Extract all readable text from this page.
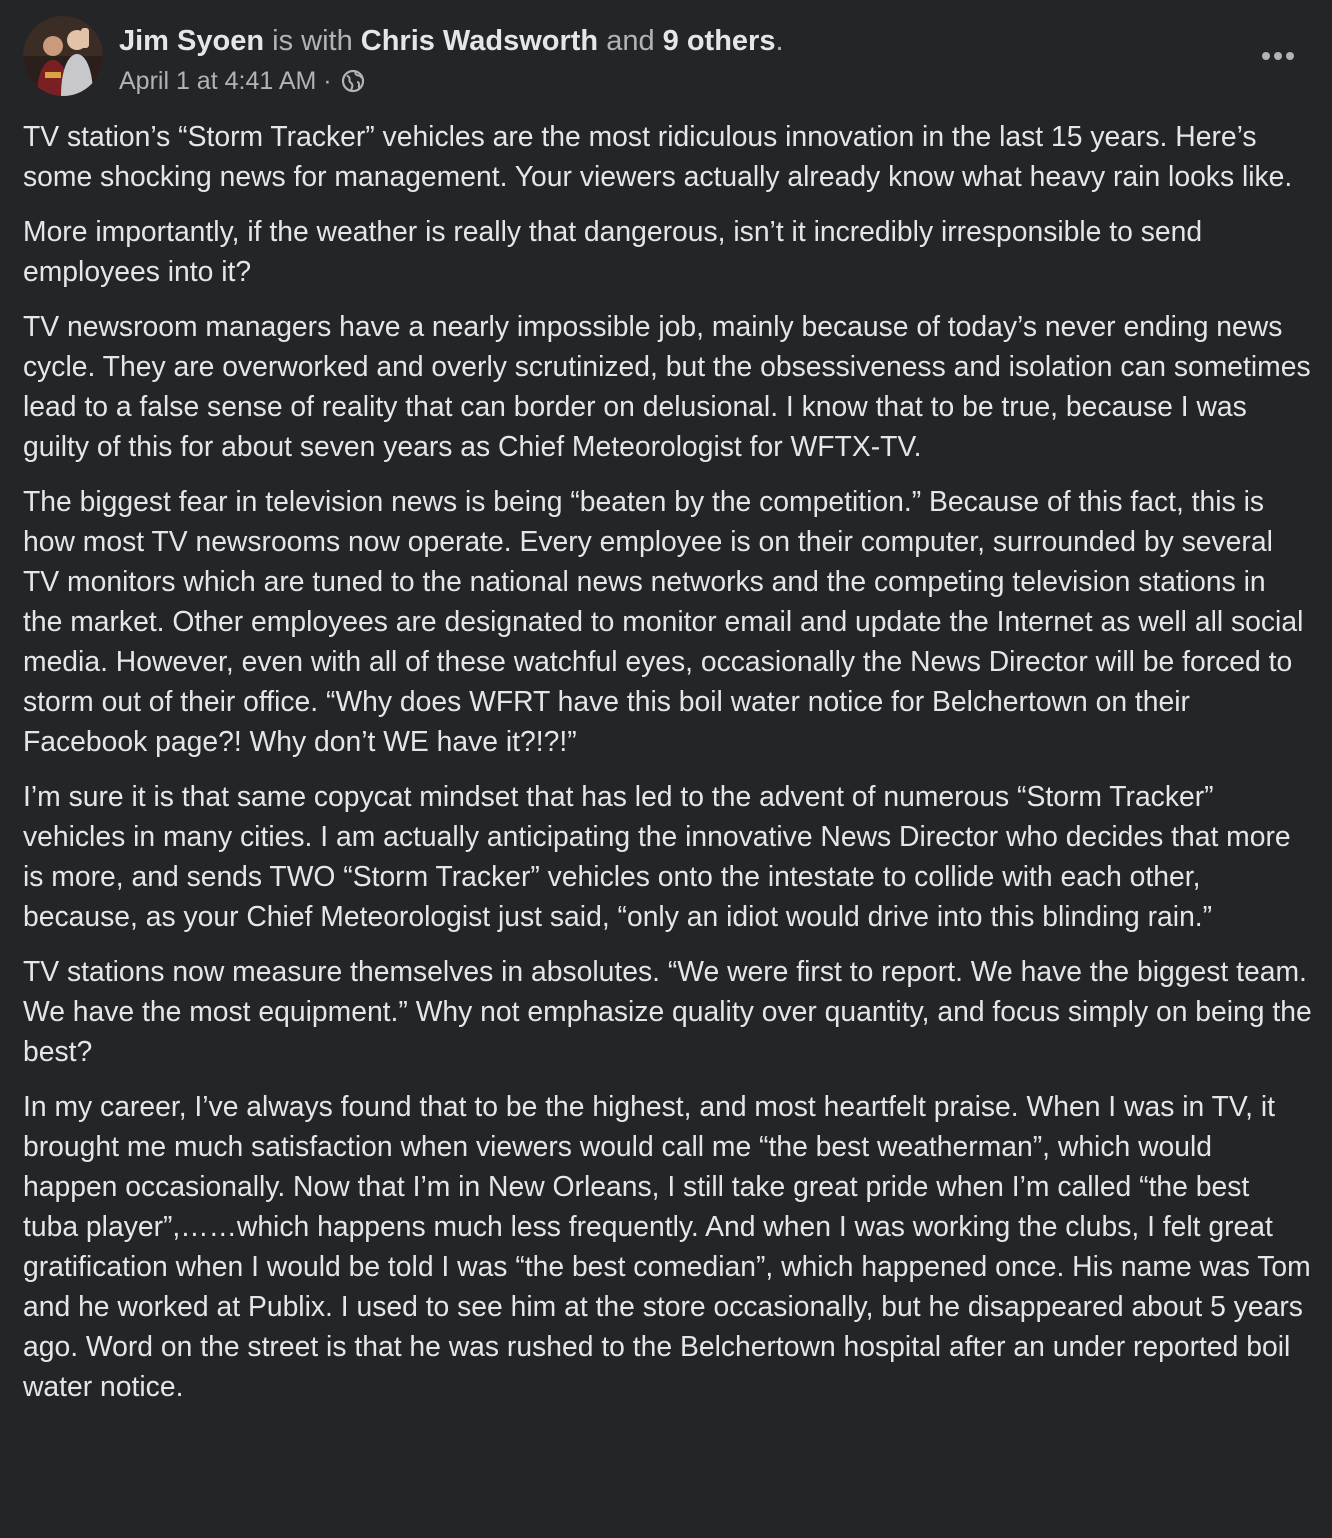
Jim Syoen is with Chris Wadsworth and 9 others.
April 1 at 4:41 AM ·

TV station’s “Storm Tracker” vehicles are the most ridiculous innovation in the last 15 years. Here’s some shocking news for management. Your viewers actually already know what heavy rain looks like.

More importantly, if the weather is really that dangerous, isn’t it incredibly irresponsible to send employees into it?

TV newsroom managers have a nearly impossible job, mainly because of today’s never ending news cycle. They are overworked and overly scrutinized, but the obsessiveness and isolation can sometimes lead to a false sense of reality that can border on delusional. I know that to be true, because I was guilty of this for about seven years as Chief Meteorologist for WFTX-TV.

The biggest fear in television news is being “beaten by the competition.” Because of this fact, this is how most TV newsrooms now operate. Every employee is on their computer, surrounded by several TV monitors which are tuned to the national news networks and the competing television stations in the market. Other employees are designated to monitor email and update the Internet as well all social media. However, even with all of these watchful eyes, occasionally the News Director will be forced to storm out of their office. “Why does WFRT have this boil water notice for Belchertown on their Facebook page?! Why don’t WE have it?!?!”

I’m sure it is that same copycat mindset that has led to the advent of numerous “Storm Tracker” vehicles in many cities. I am actually anticipating the innovative News Director who decides that more is more, and sends TWO “Storm Tracker” vehicles onto the intestate to collide with each other, because, as your Chief Meteorologist just said, “only an idiot would drive into this blinding rain.”

TV stations now measure themselves in absolutes. “We were first to report. We have the biggest team. We have the most equipment.” Why not emphasize quality over quantity, and focus simply on being the best?

In my career, I’ve always found that to be the highest, and most heartfelt praise. When I was in TV, it brought me much satisfaction when viewers would call me “the best weatherman”, which would happen occasionally. Now that I’m in New Orleans, I still take great pride when I’m called “the best tuba player”,……which happens much less frequently. And when I was working the clubs, I felt great gratification when I would be told I was “the best comedian”, which happened once. His name was Tom and he worked at Publix. I used to see him at the store occasionally, but he disappeared about 5 years ago. Word on the street is that he was rushed to the Belchertown hospital after an under reported boil water notice.
